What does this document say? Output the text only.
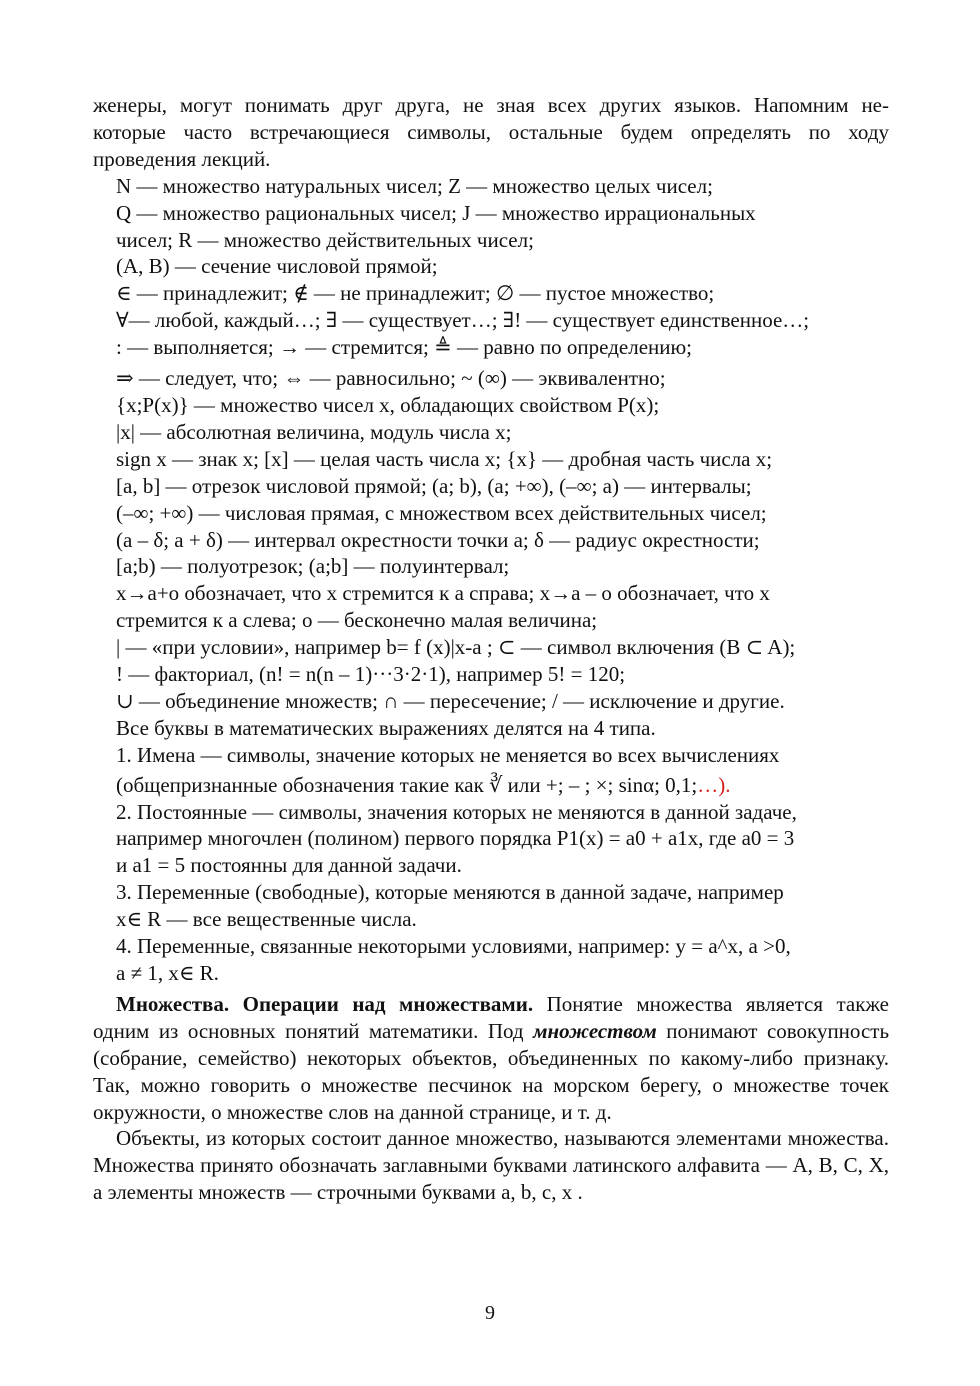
женеры, могут понимать друг друга, не зная всех других языков. Напомним не-
которые часто встречающиеся символы, остальные будем определять по ходу
проведения лекций.
N — множество натуральных чисел; Z — множество целых чисел;
Q — множество рациональных чисел; J — множество иррациональных
чисел; R — множество действительных чисел;
(A, B) — сечение числовой прямой;
∈ — принадлежит; ∉ — не принадлежит; ∅ — пустое множество;
∀— любой, каждый…; ∃ — существует…; ∃! — существует единственное…;
: — выполняется; → — стремится; ≜ — равно по определению;
⇒ — следует, что; ⇔ — равносильно; ~ (∞) — эквивалентно;
{x;P(x)} — множество чисел x, обладающих свойством P(x);
|x| — абсолютная величина, модуль числа x;
sign x — знак x; [x] — целая часть числа x; {x} — дробная часть числа x;
[a, b] — отрезок числовой прямой; (a; b), (a; +∞), (–∞; a) — интервалы;
(–∞; +∞) — числовая прямая, с множеством всех действительных чисел;
(a – δ; a + δ) — интервал окрестности точки a; δ — радиус окрестности;
[a;b) — полуотрезок; (a;b] — полуинтервал;
x→a+o обозначает, что x стремится к a справа; x→a – o обозначает, что x
стремится к a слева; o — бесконечно малая величина;
| — «при условии», например b= f (x)|x-a ; ⊂ — символ включения (B ⊂ A);
! — факториал, (n! = n(n – 1)···3·2·1), например 5! = 120;
∪ — объединение множеств; ∩ — пересечение; / — исключение и другие.
Все буквы в математических выражениях делятся на 4 типа.
1. Имена — символы, значение которых не меняется во всех вычислениях
(общепризнанные обозначения такие как ∛ или +; – ; ×; sinα; 0,1;…).
2. Постоянные — символы, значения которых не меняются в данной задаче,
например многочлен (полином) первого порядка P1(x) = a0 + a1x, где a0 = 3
и a1 = 5 постоянны для данной задачи.
3. Переменные (свободные), которые меняются в данной задаче, например
x∈ R — все вещественные числа.
4. Переменные, связанные некоторыми условиями, например: y = a^x, a >0,
a ≠ 1, x∈ R.
Множества. Операции над множествами. Понятие множества является также одним из основных понятий математики. Под множеством понимают совокупность (собрание, семейство) некоторых объектов, объединенных по какому-либо признаку. Так, можно говорить о множестве песчинок на морском берегу, о множестве точек окружности, о множестве слов на данной странице, и т. д.
Объекты, из которых состоит данное множество, называются элементами множества. Множества принято обозначать заглавными буквами латинского алфавита — A, B, C, X, а элементы множеств — строчными буквами a, b, c, x .
9
